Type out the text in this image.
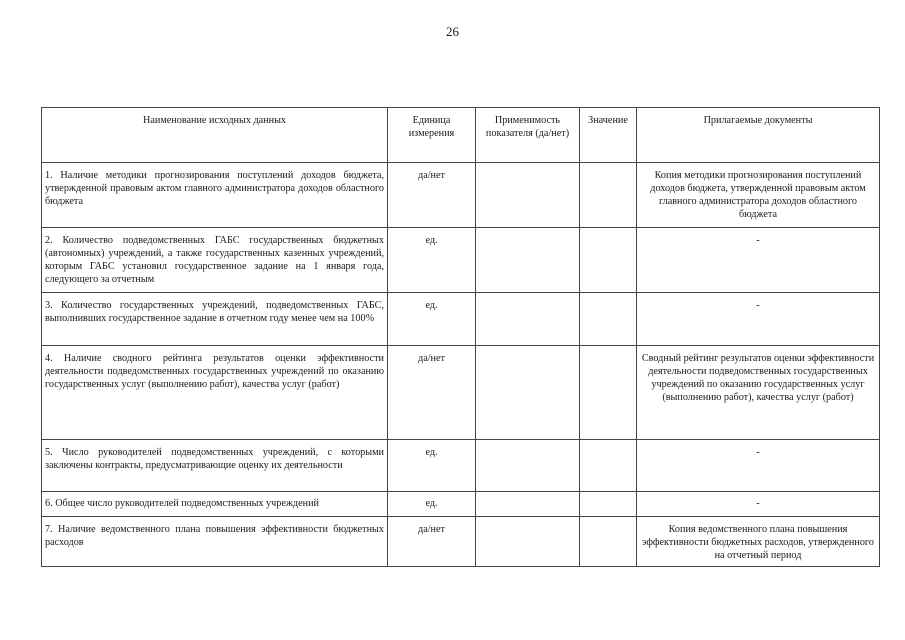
26
Наименование исходных данных	Единица измерения	Применимость показателя (да/нет)	Значение	Прилагаемые документы
1. Наличие методики прогнозирования поступлений доходов бюджета, утвержденной правовым актом главного администратора доходов областного бюджета	да/нет			Копия методики прогнозирования поступлений доходов бюджета, утвержденной правовым актом главного администратора доходов областного бюджета
2. Количество подведомственных ГАБС государственных бюджетных (автономных) учреждений, а также государственных казенных учреждений, которым ГАБС установил государственное задание на 1 января года, следующего за отчетным	ед.			-
3. Количество государственных учреждений, подведомственных ГАБС, выполнивших государственное задание в отчетном году менее чем на 100%	ед.			-
4. Наличие сводного рейтинга результатов оценки эффективности деятельности подведомственных государственных учреждений по оказанию государственных услуг (выполнению работ), качества услуг (работ)	да/нет			Сводный рейтинг результатов оценки эффективности деятельности подведомственных государственных учреждений по оказанию государственных услуг (выполнению работ), качества услуг (работ)
5. Число руководителей подведомственных учреждений, с которыми заключены контракты, предусматривающие оценку их деятельности	ед.			-
6. Общее число руководителей подведомственных учреждений	ед.			-
7. Наличие ведомственного плана повышения эффективности бюджетных расходов	да/нет			Копия ведомственного плана повышения эффективности бюджетных расходов, утвержденного на отчетный период
